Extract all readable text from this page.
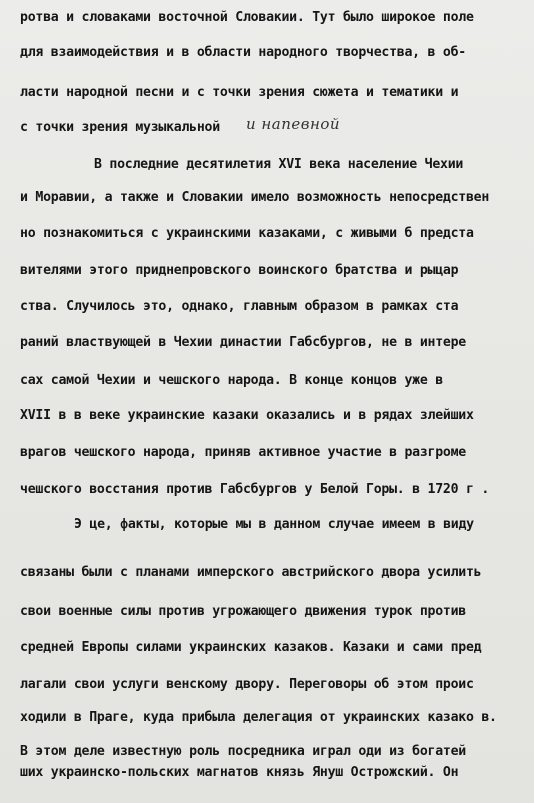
ротва и словаками восточной Словакии. Тут было широкое поле
для взаимодействия и в области народного творчеcтва, в об-
ласти народной песни и с точки зрения сюжета и тематики и
с точки зрения музыкальной и напевной
В последние десятилетия XVI века население Чехии
и Моравии, а также и Словакии имело возможность непосредствен
но познакомиться с украинскими казаками, с живыми б предста
вителями этого приднепровского воинского братства и рыцар
ства. Случилось это, однако, главным образом в рамках ста
раний властвующей в Чехии династии Габсбургов, не в интере
сах самой Чехии и чешского народа. В конце концов уже в
XVII в в веке украинские казаки оказались и в рядах злейших
врагов чешского народа, приняв активное участие в разгроме
чешского восстания против Габсбургов у Белой Горы. в 1720 г .
Э це, факты, которые мы в данном случае имеем в виду
связаны были с планами имперского австрийского двора усилить
свои военные силы против угрожающего движения турок против
средней Европы силами украинских казаков. Казаки и сами пред
лагали свои услуги венскому двору. Переговоры об этом проис
ходили в Праге, куда прибыла делегация от украинских казако в.
В этом деле известную роль посредника играл оди из богатей
ших украинско-польских магнатов князь Януш Острожский. Он
